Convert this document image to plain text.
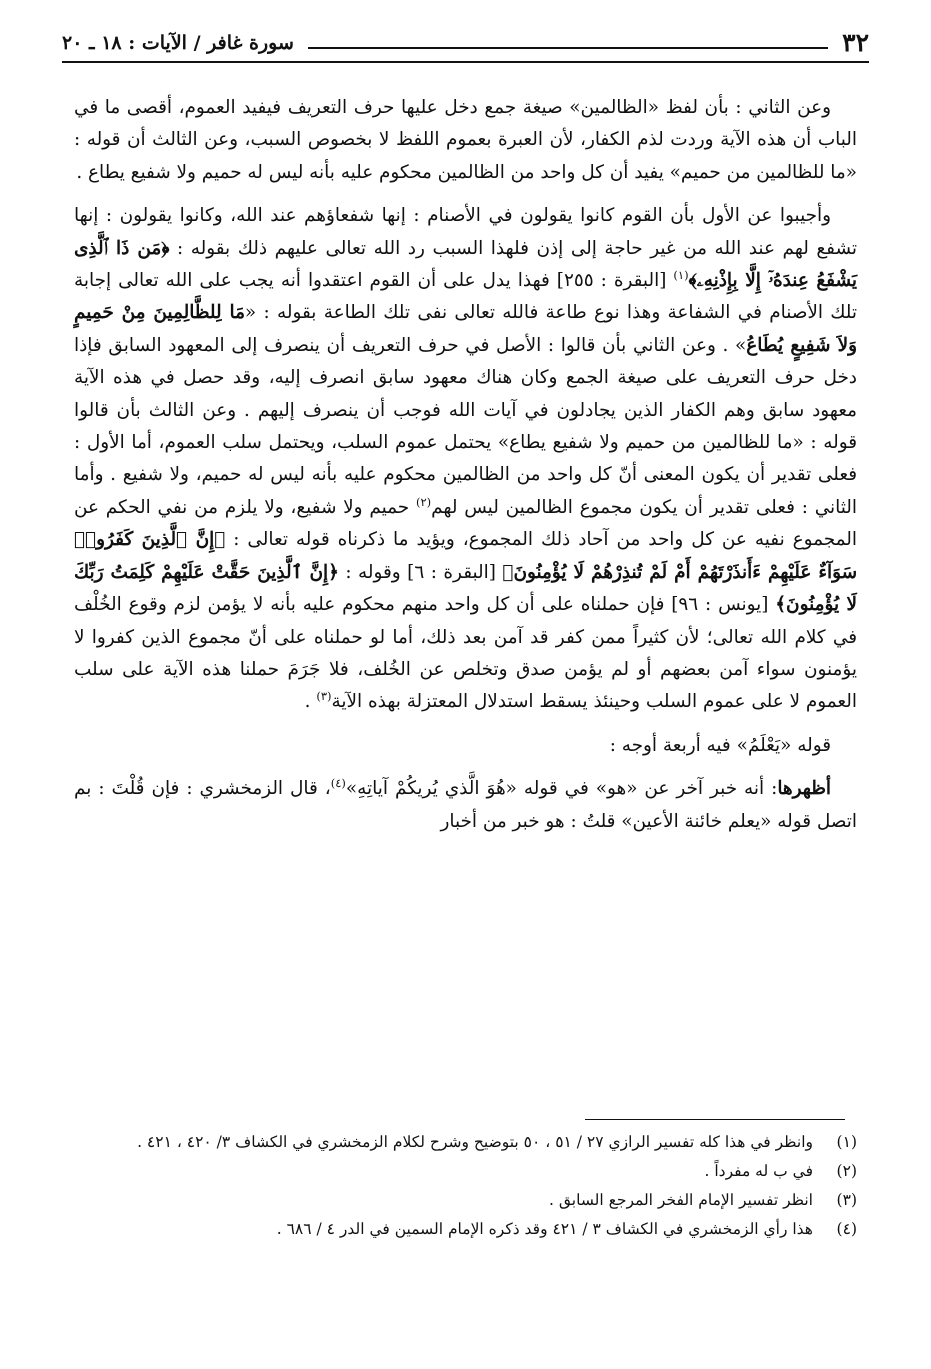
٣٢
سورة غافر / الآيات : ١٨ ـ ٢٠

وعن الثاني : بأن لفظ «الظالمين» صيغة جمع دخل عليها حرف التعريف فيفيد العموم، أقصى ما في الباب أن هذه الآية وردت لذم الكفار، لأن العبرة بعموم اللفظ لا بخصوص السبب، وعن الثالث أن قوله : «ما للظالمين من حميم» يفيد أن كل واحد من الظالمين محكوم عليه بأنه ليس له حميم ولا شفيع يطاع .

وأجيبوا عن الأول بأن القوم كانوا يقولون في الأصنام : إنها شفعاؤهم عند الله، وكانوا يقولون : إنها تشفع لهم عند الله من غير حاجة إلى إذن فلهذا السبب رد الله تعالى عليهم ذلك بقوله : ﴿مَن ذَا ٱلَّذِى يَشْفَعُ عِندَهُۥٓ إِلَّا بِإِذْنِهِۦ﴾$^{(١)}$ [البقرة : ٢٥٥] فهذا يدل على أن القوم اعتقدوا أنه يجب على الله تعالى إجابة تلك الأصنام في الشفاعة وهذا نوع طاعة فالله تعالى نفى تلك الطاعة بقوله : «مَا لِلظَّالِمِينَ مِنْ حَمِيمٍ وَلاَ شَفِيعٍ يُطَاعُ» . وعن الثاني بأن قالوا : الأصل في حرف التعريف أن ينصرف إلى المعهود السابق فإذا دخل حرف التعريف على صيغة الجمع وكان هناك معهود سابق انصرف إليه، وقد حصل في هذه الآية معهود سابق وهم الكفار الذين يجادلون في آيات الله فوجب أن ينصرف إليهم . وعن الثالث بأن قالوا قوله : «ما للظالمين من حميم ولا شفيع يطاع» يحتمل عموم السلب، ويحتمل سلب العموم، أما الأول : فعلى تقدير أن يكون المعنى أنّ كل واحد من الظالمين محكوم عليه بأنه ليس له حميم، ولا شفيع . وأما الثاني : فعلى تقدير أن يكون مجموع الظالمين ليس لهم$^{(٢)}$ حميم ولا شفيع، ولا يلزم من نفي الحكم عن المجموع نفيه عن كل واحد من آحاد ذلك المجموع، ويؤيد ما ذكرناه قوله تعالى : ﴿إِنَّ ٱلَّذِينَ كَفَرُوا۟ سَوَآءٌ عَلَيْهِمْ ءَأَنذَرْتَهُمْ أَمْ لَمْ تُنذِرْهُمْ لَا يُؤْمِنُونَ﴾ [البقرة : ٦] وقوله : ﴿إِنَّ ٱلَّذِينَ حَقَّتْ عَلَيْهِمْ كَلِمَتُ رَبِّكَ لَا يُؤْمِنُونَ﴾ [يونس : ٩٦] فإن حملناه على أن كل واحد منهم محكوم عليه بأنه لا يؤمن لزم وقوع الخُلْف في كلام الله تعالى؛ لأن كثيراً ممن كفر قد آمن بعد ذلك، أما لو حملناه على أنّ مجموع الذين كفروا لا يؤمنون سواء آمن بعضهم أو لم يؤمن صدق وتخلص عن الخُلف، فلا جَرَمَ حملنا هذه الآية على سلب العموم لا على عموم السلب وحينئذ يسقط استدلال المعتزلة بهذه الآية$^{(٣)}$ .

قوله «يَعْلَمُ» فيه أربعة أوجه :

أظهرها: أنه خبر آخر عن «هو» في قوله «هُوَ الَّذي يُريكُمْ آياتِهِ»$^{(٤)}$، قال الزمخشري : فإن قُلْتَ : بم اتصل قوله «يعلم خائنة الأعين» قلتُ : هو خبر من أخبار

(١)
وانظر في هذا كله تفسير الرازي ٢٧ / ٥١ ، ٥٠ بتوضيح وشرح لكلام الزمخشري في الكشاف ٣/ ٤٢٠ ، ٤٢١ .
(٢)
في ب له مفرداً .
(٣)
انظر تفسير الإمام الفخر المرجع السابق .
(٤)
هذا رأي الزمخشري في الكشاف ٣ / ٤٢١ وقد ذكره الإمام السمين في الدر ٤ / ٦٨٦ .
